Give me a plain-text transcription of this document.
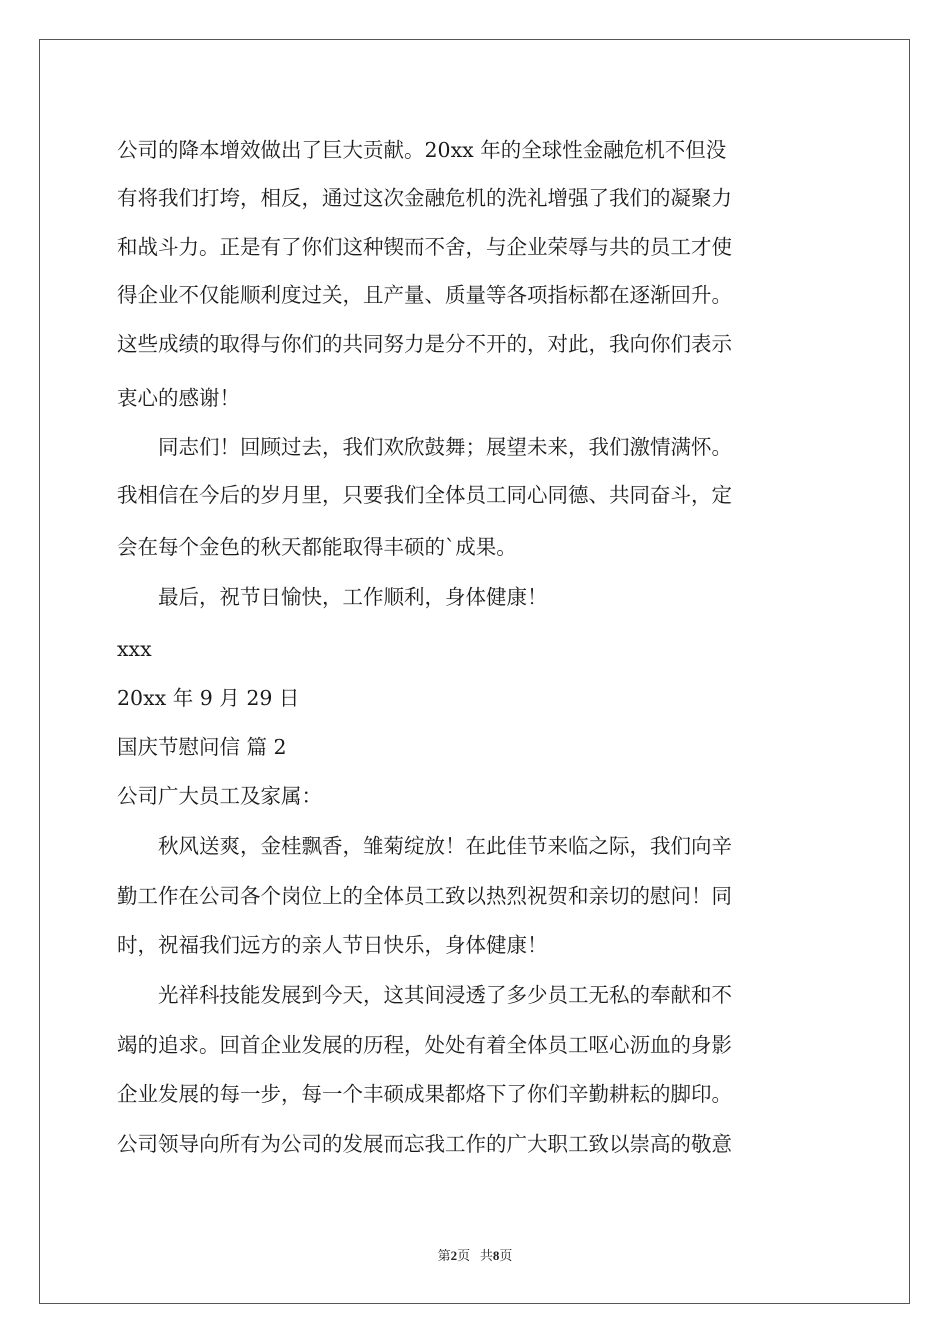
公司的降本增效做出了巨大贡献。20xx 年的全球性金融危机不但没
有将我们打垮，相反，通过这次金融危机的洗礼增强了我们的凝聚力
和战斗力。正是有了你们这种锲而不舍，与企业荣辱与共的员工才使
得企业不仅能顺利度过关，且产量、质量等各项指标都在逐渐回升。
这些成绩的取得与你们的共同努力是分不开的，对此，我向你们表示
衷心的感谢！
　　同志们！回顾过去，我们欢欣鼓舞；展望未来，我们激情满怀。
我相信在今后的岁月里，只要我们全体员工同心同德、共同奋斗，定
会在每个金色的秋天都能取得丰硕的`成果。
　　最后，祝节日愉快，工作顺利，身体健康！
xxx
20xx 年 9 月 29 日
国庆节慰问信 篇 2
公司广大员工及家属：
　　秋风送爽，金桂飘香，雏菊绽放！在此佳节来临之际，我们向辛
勤工作在公司各个岗位上的全体员工致以热烈祝贺和亲切的慰问！同
时，祝福我们远方的亲人节日快乐，身体健康！
　　光祥科技能发展到今天，这其间浸透了多少员工无私的奉献和不
竭的追求。回首企业发展的历程，处处有着全体员工呕心沥血的身影
企业发展的每一步，每一个丰硕成果都烙下了你们辛勤耕耘的脚印。
公司领导向所有为公司的发展而忘我工作的广大职工致以崇高的敬意
第2页 共8页
